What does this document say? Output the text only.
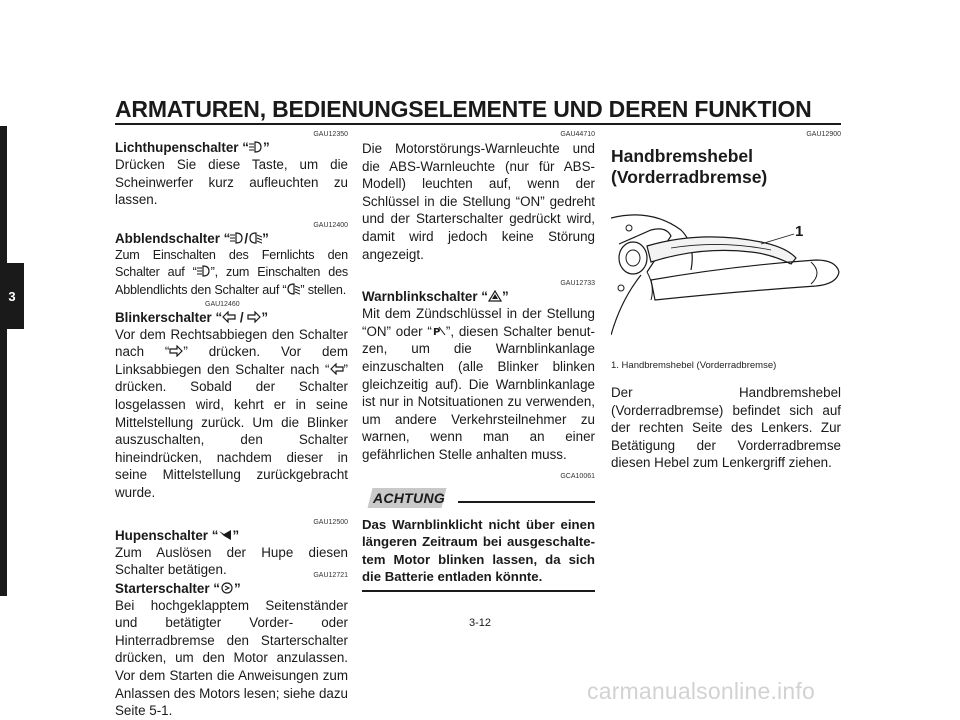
ARMATUREN, BEDIENUNGSELEMENTE UND DEREN FUNKTION
3
GAU12350
Lichthupenschalter “ ”

Drücken Sie diese Taste, um die Scheinwerfer kurz aufleuchten zu lassen.

GAU12400
Abblendschalter “ / ”

Zum Einschalten des Fernlichts den Schalter auf “ ”, zum Einschalten des Abblendlichts den Schalter auf “ ” stellen.

GAU12460
Blinkerschalter “ / ”

Vor dem Rechtsabbiegen den Schalter nach “ ” drücken. Vor dem Linksabbiegen den Schalter nach “ ” drücken. Sobald der Schalter losgelassen wird, kehrt er in seine Mittelstellung zurück. Um die Blinker auszuschalten, den Schalter hineindrücken, nachdem dieser in seine Mittelstellung zurückgebracht wurde.

GAU12500
Hupenschalter “ ”

Zum Auslösen der Hupe diesen Schalter betätigen.	GAU12721
Starterschalter “ ”

Bei hochgeklapptem Seitenständer und betätigter Vorder- oder Hinterradbremse den Starterschalter drücken, um den Motor anzulassen. Vor dem Starten die Anweisungen zum Anlassen des Motors lesen; siehe dazu Seite 5-1.

GAU44710

Die Motorstörungs-Warnleuchte und die ABS-Warnleuchte (nur für ABS-Modell) leuchten auf, wenn der Schlüssel in die Stellung “ON” gedreht und der Starterschalter gedrückt wird, damit wird jedoch keine Störung angezeigt.

GAU12733
Warnblinkschalter “ ”

Mit dem Zündschlüssel in der Stellung “ON” oder “ P ”, diesen Schalter benutzen, um die Warnblinkanlage einzuschalten (alle Blinker blinken gleichzeitig auf). Die Warnblinkanlage ist nur in Notsituationen zu verwenden, um andere Verkehrsteilnehmer zu warnen, wenn man an einer gefährlichen Stelle anhalten muss.

GCA10061
ACHTUNG

Das Warnblinklicht nicht über einen längeren Zeitraum bei ausgeschaltetem Motor blinken lassen, da sich die Batterie entladen könnte.

GAU12900
Handbremshebel
(Vorderradbremse)
1
1. Handbremshebel (Vorderradbremse)

Der Handbremshebel (Vorderradbremse) befindet sich auf der rechten Seite des Lenkers. Zur Betätigung der Vorderradbremse diesen Hebel zum Lenkergriff ziehen.

3-12
carmanualsonline.info
